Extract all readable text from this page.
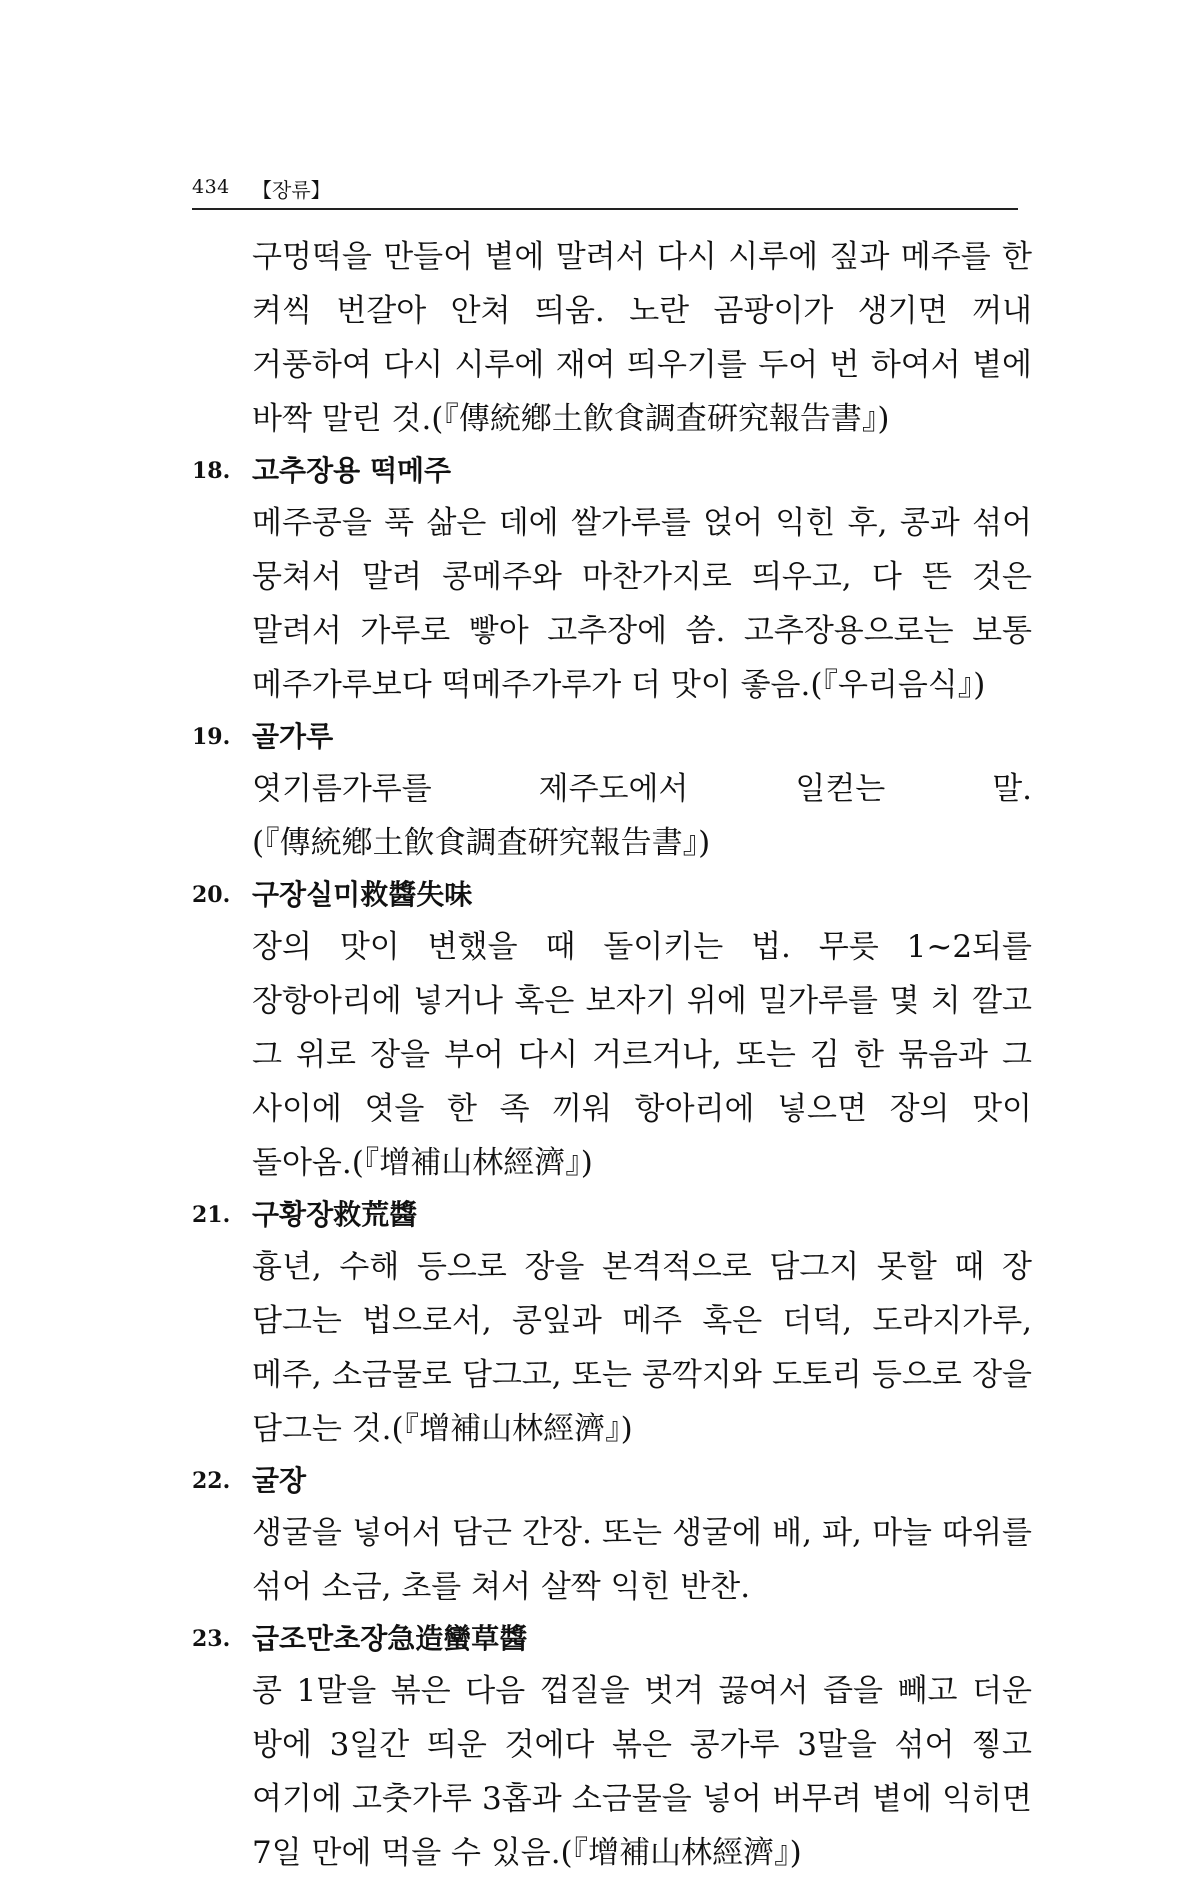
434 【장류】

구멍떡을 만들어 볕에 말려서 다시 시루에 짚과 메주를 한 켜씩 번갈아 안쳐 띄움. 노란 곰팡이가 생기면 꺼내 거풍하여 다시 시루에 재여 띄우기를 두어 번 하여서 볕에 바짝 말린 것.(『傳統鄕土飮食調査硏究報告書』)

18. 고추장용 떡메주

메주콩을 푹 삶은 데에 쌀가루를 얹어 익힌 후, 콩과 섞어 뭉쳐서 말려 콩메주와 마찬가지로 띄우고, 다 뜬 것은 말려서 가루로 빻아 고추장에 씀. 고추장용으로는 보통 메주가루보다 떡메주가루가 더 맛이 좋음.(『우리음식』)

19. 골가루

엿기름가루를 제주도에서 일컫는 말.(『傳統鄕土飮食調査硏究報告書』)

20. 구장실미救醬失味

장의 맛이 변했을 때 돌이키는 법. 무릇 1~2되를 장항아리에 넣거나 혹은 보자기 위에 밀가루를 몇 치 깔고 그 위로 장을 부어 다시 거르거나, 또는 김 한 묶음과 그 사이에 엿을 한 족 끼워 항아리에 넣으면 장의 맛이 돌아옴.(『增補山林經濟』)

21. 구황장救荒醬

흉년, 수해 등으로 장을 본격적으로 담그지 못할 때 장 담그는 법으로서, 콩잎과 메주 혹은 더덕, 도라지가루, 메주, 소금물로 담그고, 또는 콩깍지와 도토리 등으로 장을 담그는 것.(『增補山林經濟』)

22. 굴장

생굴을 넣어서 담근 간장. 또는 생굴에 배, 파, 마늘 따위를 섞어 소금, 초를 쳐서 살짝 익힌 반찬.

23. 급조만초장急造蠻草醬

콩 1말을 볶은 다음 껍질을 벗겨 끓여서 즙을 빼고 더운 방에 3일간 띄운 것에다 볶은 콩가루 3말을 섞어 찧고 여기에 고춧가루 3홉과 소금물을 넣어 버무려 볕에 익히면 7일 만에 먹을 수 있음.(『增補山林經濟』)
